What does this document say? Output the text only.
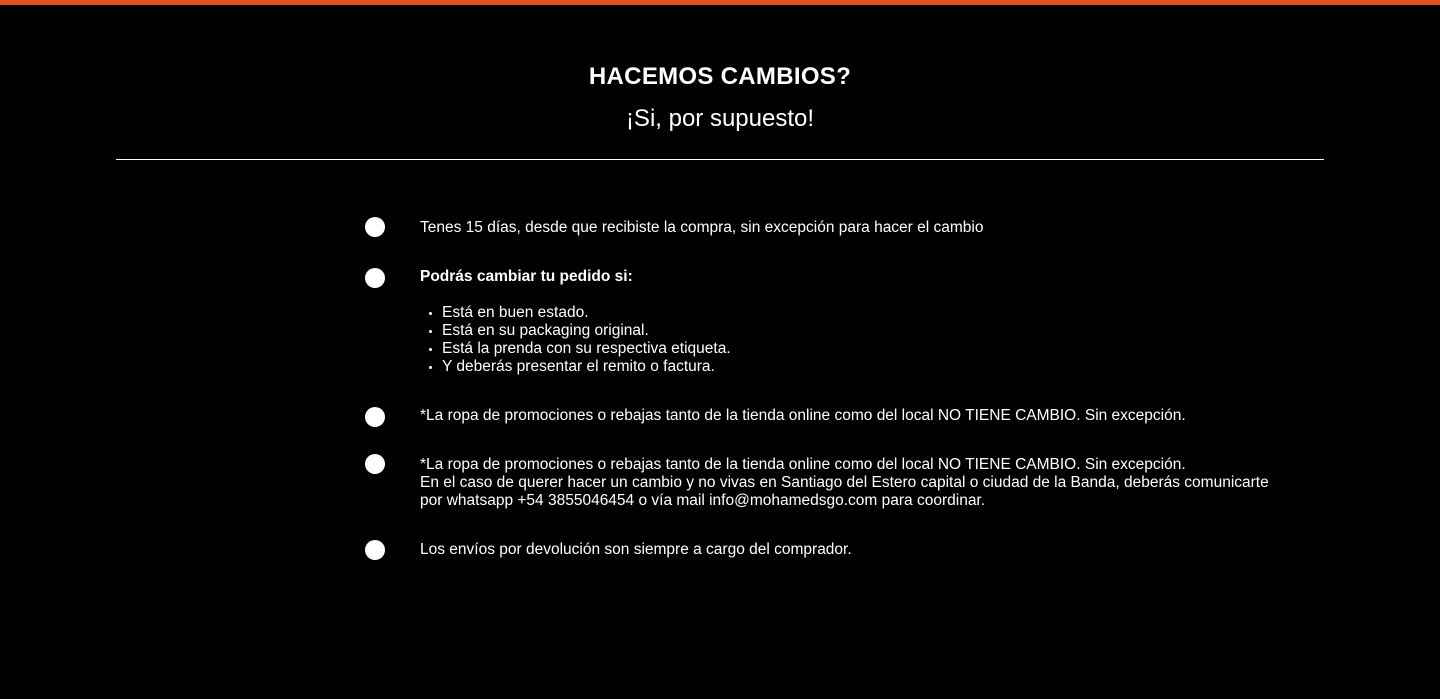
HACEMOS CAMBIOS?
¡Si, por supuesto!
Tenes 15 días, desde que recibiste la compra, sin excepción para hacer el cambio
Podrás cambiar tu pedido si:
Está en buen estado.
Está en su packaging original.
Está la prenda con su respectiva etiqueta.
Y deberás presentar el remito o factura.
*La ropa de promociones o rebajas tanto de la tienda online como del local NO TIENE CAMBIO. Sin excepción.
*La ropa de promociones o rebajas tanto de la tienda online como del local NO TIENE CAMBIO. Sin excepción.
En el caso de querer hacer un cambio y no vivas en Santiago del Estero capital o ciudad de la Banda, deberás comunicarte
por whatsapp +54 3855046454 o vía mail info@mohamedsgo.com para coordinar.
Los envíos por devolución son siempre a cargo del comprador.
